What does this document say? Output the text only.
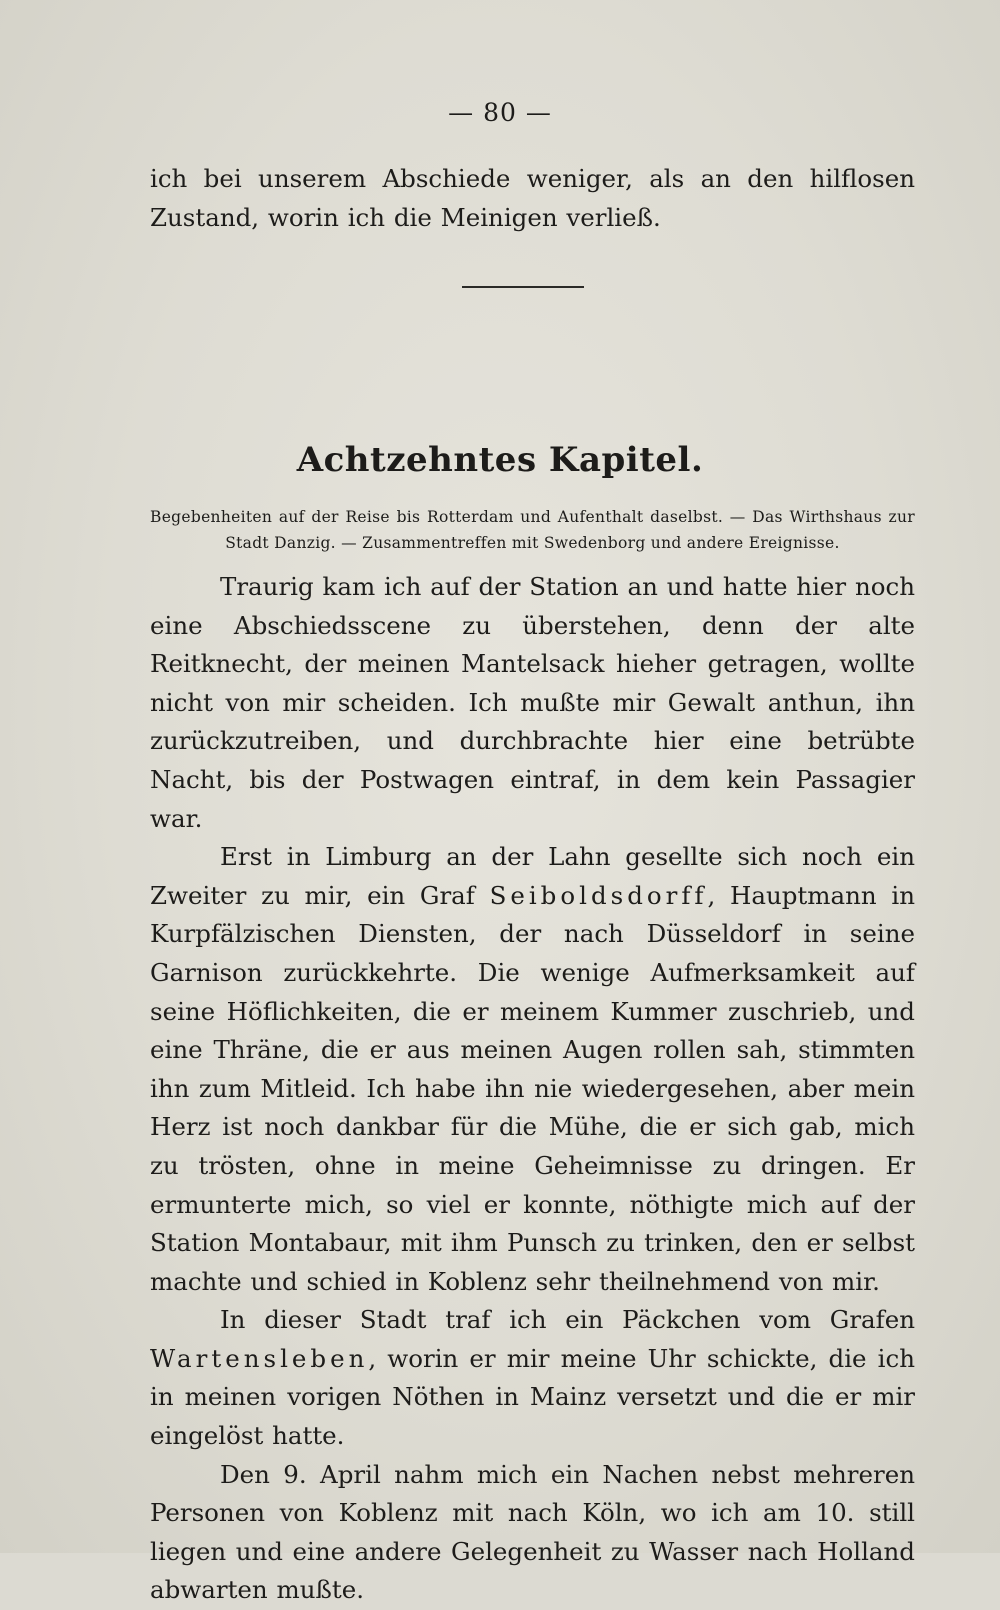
— 80 —

ich bei unserem Abschiede weniger, als an den hilflosen Zustand, worin ich die Meinigen verließ.

Achtzehntes Kapitel.
Begebenheiten auf der Reise bis Rotterdam und Aufenthalt daselbst. — Das Wirthshaus zur Stadt Danzig. — Zusammentreffen mit Swedenborg und andere Ereignisse.

Traurig kam ich auf der Station an und hatte hier noch eine Abschiedsscene zu überstehen, denn der alte Reitknecht, der meinen Mantelsack hieher getragen, wollte nicht von mir scheiden. Ich mußte mir Gewalt anthun, ihn zurückzutreiben, und durchbrachte hier eine betrübte Nacht, bis der Postwagen eintraf, in dem kein Passagier war.

Erst in Limburg an der Lahn gesellte sich noch ein Zweiter zu mir, ein Graf Seiboldsdorff, Hauptmann in Kurpfälzischen Diensten, der nach Düsseldorf in seine Garnison zurückkehrte. Die wenige Aufmerksamkeit auf seine Höflichkeiten, die er meinem Kummer zuschrieb, und eine Thräne, die er aus meinen Augen rollen sah, stimmten ihn zum Mitleid. Ich habe ihn nie wiedergesehen, aber mein Herz ist noch dankbar für die Mühe, die er sich gab, mich zu trösten, ohne in meine Geheimnisse zu dringen. Er ermunterte mich, so viel er konnte, nöthigte mich auf der Station Montabaur, mit ihm Punsch zu trinken, den er selbst machte und schied in Koblenz sehr theilnehmend von mir.

In dieser Stadt traf ich ein Päckchen vom Grafen Wartensleben, worin er mir meine Uhr schickte, die ich in meinen vorigen Nöthen in Mainz versetzt und die er mir eingelöst hatte.

Den 9. April nahm mich ein Nachen nebst mehreren Personen von Koblenz mit nach Köln, wo ich am 10. still liegen und eine andere Gelegenheit zu Wasser nach Holland abwarten mußte.
